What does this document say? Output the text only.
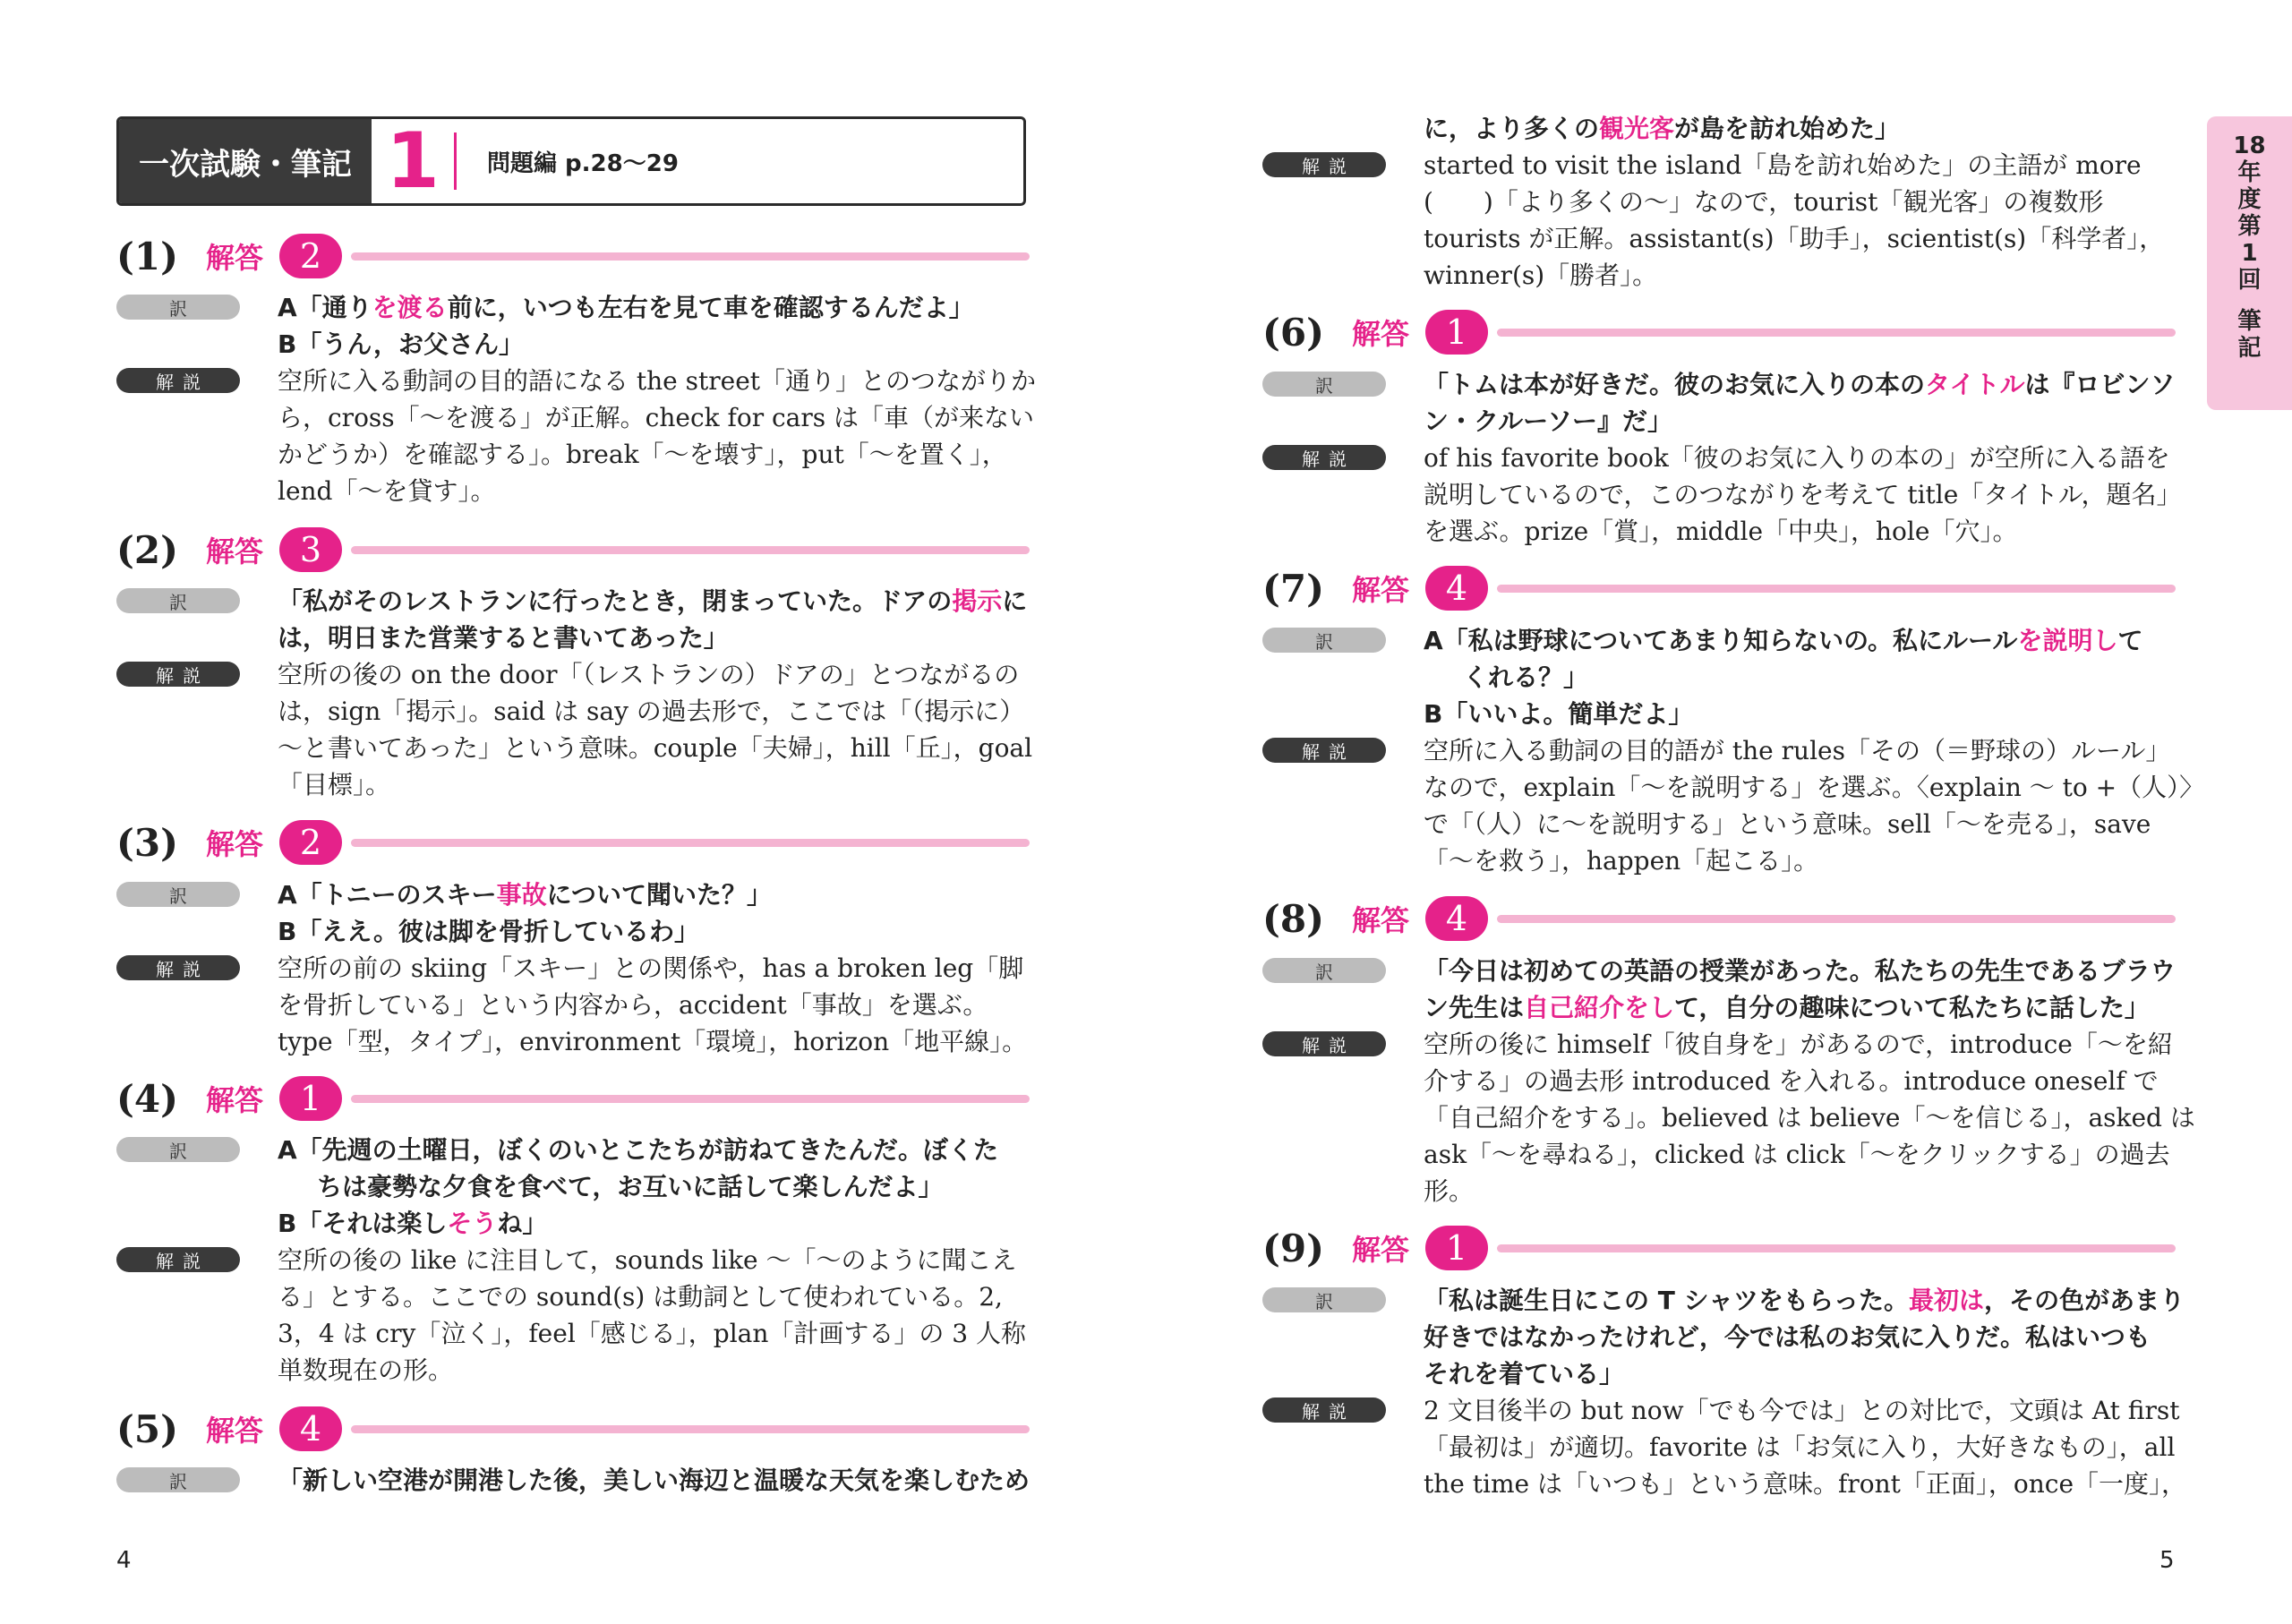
一次試験・筆記 1	問題編 p.28〜29
18
年
度
第
1
回
筆
記
(1) 解答	2
訳	A「通りを渡る前に，いつも左右を見て車を確認するんだよ」
B「うん，お父さん」
解説	空所に入る動詞の目的語になる the street「通り」とのつながりか
ら，cross「〜を渡る」が正解。check for cars は「車（が来ない
かどうか）を確認する」。break「〜を壊す」，put「〜を置く」，
lend「〜を貸す」。
(2) 解答	3
訳	「私がそのレストランに行ったとき，閉まっていた。ドアの掲示に
は，明日また営業すると書いてあった」
解説	空所の後の on the door「（レストランの）ドアの」とつながるの
は，sign「掲示」。said は say の過去形で，ここでは「（掲示に）
〜と書いてあった」という意味。couple「夫婦」，hill「丘」，goal
「目標」。
(3) 解答	2
訳	A「トニーのスキー事故について聞いた？」
B「ええ。彼は脚を骨折しているわ」
解説	空所の前の skiing「スキー」との関係や，has a broken leg「脚
を骨折している」という内容から，accident「事故」を選ぶ。
type「型，タイプ」，environment「環境」，horizon「地平線」。
(4) 解答	1
訳	A「先週の土曜日，ぼくのいとこたちが訪ねてきたんだ。ぼくた
ちは豪勢な夕食を食べて，お互いに話して楽しんだよ」
B「それは楽しそうね」
解説	空所の後の like に注目して，sounds like 〜「〜のように聞こえ
る」とする。ここでの sound(s) は動詞として使われている。2,
3，4 は cry「泣く」，feel「感じる」，plan「計画する」の 3 人称
単数現在の形。
(5) 解答	4
訳	「新しい空港が開港した後，美しい海辺と温暖な天気を楽しむため
に，より多くの観光客が島を訪れ始めた」
解説	started to visit the island「島を訪れ始めた」の主語が more
(　　)「より多くの〜」なので，tourist「観光客」の複数形
tourists が正解。assistant(s)「助手」，scientist(s)「科学者」，
winner(s)「勝者」。
(6) 解答	1
訳	「トムは本が好きだ。彼のお気に入りの本のタイトルは『ロビンソ
ン・クルーソー』だ」
解説	of his favorite book「彼のお気に入りの本の」が空所に入る語を
説明しているので，このつながりを考えて title「タイトル，題名」
を選ぶ。prize「賞」，middle「中央」，hole「穴」。
(7) 解答	4
訳	A「私は野球についてあまり知らないの。私にルールを説明して
くれる？」
B「いいよ。簡単だよ」
解説	空所に入る動詞の目的語が the rules「その（＝野球の）ルール」
なので，explain「〜を説明する」を選ぶ。〈explain 〜 to +（人）〉
で「（人）に〜を説明する」という意味。sell「〜を売る」，save
「〜を救う」，happen「起こる」。
(8) 解答	4
訳	「今日は初めての英語の授業があった。私たちの先生であるブラウ
ン先生は自己紹介をして，自分の趣味について私たちに話した」
解説	空所の後に himself「彼自身を」があるので，introduce「〜を紹
介する」の過去形 introduced を入れる。introduce oneself で
「自己紹介をする」。believed は believe「〜を信じる」，asked は
ask「〜を尋ねる」，clicked は click「〜をクリックする」の過去
形。
(9) 解答	1
訳	「私は誕生日にこの T シャツをもらった。最初は，その色があまり
好きではなかったけれど，今では私のお気に入りだ。私はいつも
それを着ている」
解説	2 文目後半の but now「でも今では」との対比で，文頭は At first
「最初は」が適切。favorite は「お気に入り，大好きなもの」，all
the time は「いつも」という意味。front「正面」，once「一度」，
4	5
